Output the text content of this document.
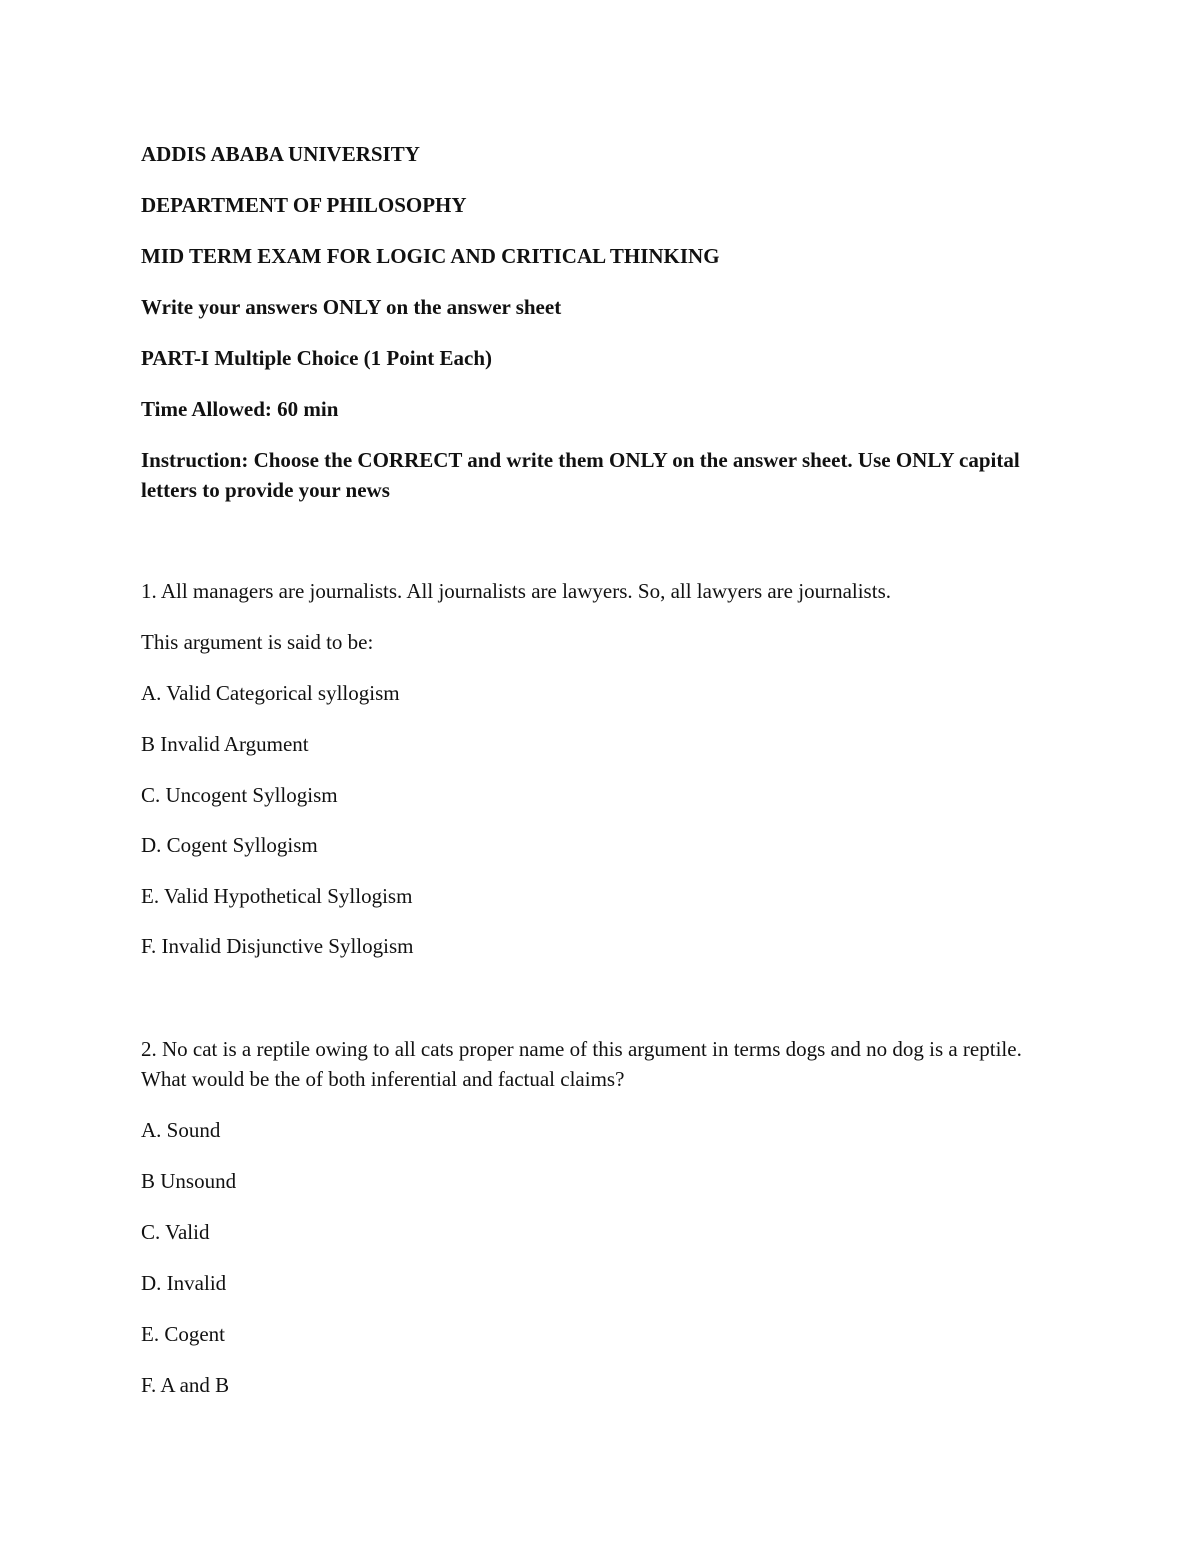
ADDIS ABABA UNIVERSITY

DEPARTMENT OF PHILOSOPHY

MID TERM EXAM FOR LOGIC AND CRITICAL THINKING

Write your answers ONLY on the answer sheet

PART-I Multiple Choice (1 Point Each)

Time Allowed: 60 min

Instruction: Choose the CORRECT and write them ONLY on the answer sheet. Use ONLY capital letters to provide your news

1. All managers are journalists. All journalists are lawyers. So, all lawyers are journalists.

This argument is said to be:

A. Valid Categorical syllogism

B Invalid Argument

C. Uncogent Syllogism

D. Cogent Syllogism

E. Valid Hypothetical Syllogism

F. Invalid Disjunctive Syllogism

2. No cat is a reptile owing to all cats proper name of this argument in terms dogs and no dog is a reptile. What would be the of both inferential and factual claims?

A. Sound

B Unsound

C. Valid

D. Invalid

E. Cogent

F. A and B
